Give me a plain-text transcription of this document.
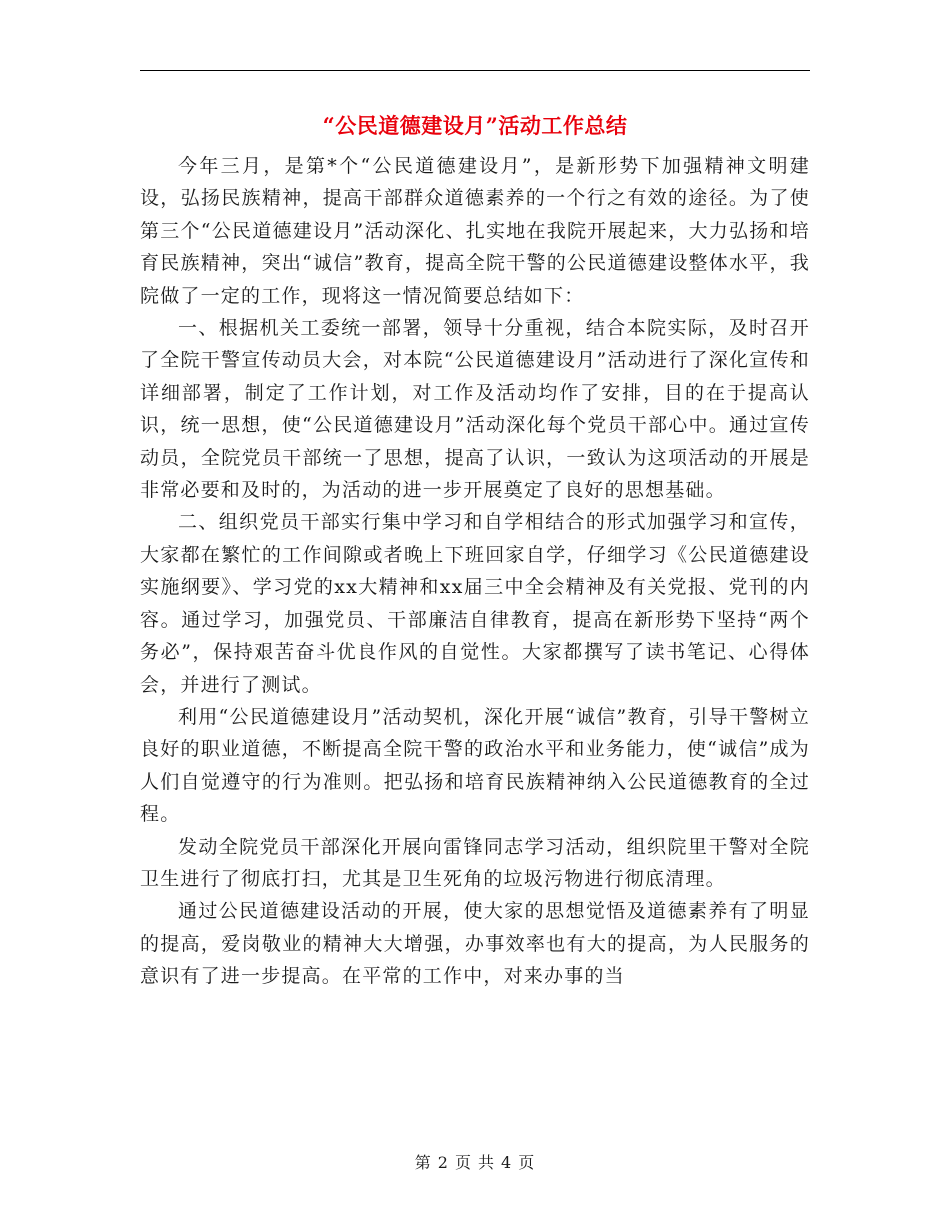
“公民道德建设月”活动工作总结

今年三月，是第*个“公民道德建设月”，是新形势下加强精神文明建设，弘扬民族精神，提高干部群众道德素养的一个行之有效的途径。为了使第三个“公民道德建设月”活动深化、扎实地在我院开展起来，大力弘扬和培育民族精神，突出“诚信”教育，提高全院干警的公民道德建设整体水平，我院做了一定的工作，现将这一情况简要总结如下：

一、根据机关工委统一部署，领导十分重视，结合本院实际，及时召开了全院干警宣传动员大会，对本院“公民道德建设月”活动进行了深化宣传和详细部署，制定了工作计划，对工作及活动均作了安排，目的在于提高认识，统一思想，使“公民道德建设月”活动深化每个党员干部心中。通过宣传动员，全院党员干部统一了思想，提高了认识，一致认为这项活动的开展是非常必要和及时的，为活动的进一步开展奠定了良好的思想基础。

二、组织党员干部实行集中学习和自学相结合的形式加强学习和宣传，大家都在繁忙的工作间隙或者晚上下班回家自学，仔细学习《公民道德建设实施纲要》、学习党的xx大精神和xx届三中全会精神及有关党报、党刊的内容。通过学习，加强党员、干部廉洁自律教育，提高在新形势下坚持“两个务必”，保持艰苦奋斗优良作风的自觉性。大家都撰写了读书笔记、心得体会，并进行了测试。

利用“公民道德建设月”活动契机，深化开展“诚信”教育，引导干警树立良好的职业道德，不断提高全院干警的政治水平和业务能力，使“诚信”成为人们自觉遵守的行为准则。把弘扬和培育民族精神纳入公民道德教育的全过程。

发动全院党员干部深化开展向雷锋同志学习活动，组织院里干警对全院卫生进行了彻底打扫，尤其是卫生死角的垃圾污物进行彻底清理。

通过公民道德建设活动的开展，使大家的思想觉悟及道德素养有了明显的提高，爱岗敬业的精神大大增强，办事效率也有大的提高，为人民服务的意识有了进一步提高。在平常的工作中，对来办事的当

第 2 页 共 4 页
